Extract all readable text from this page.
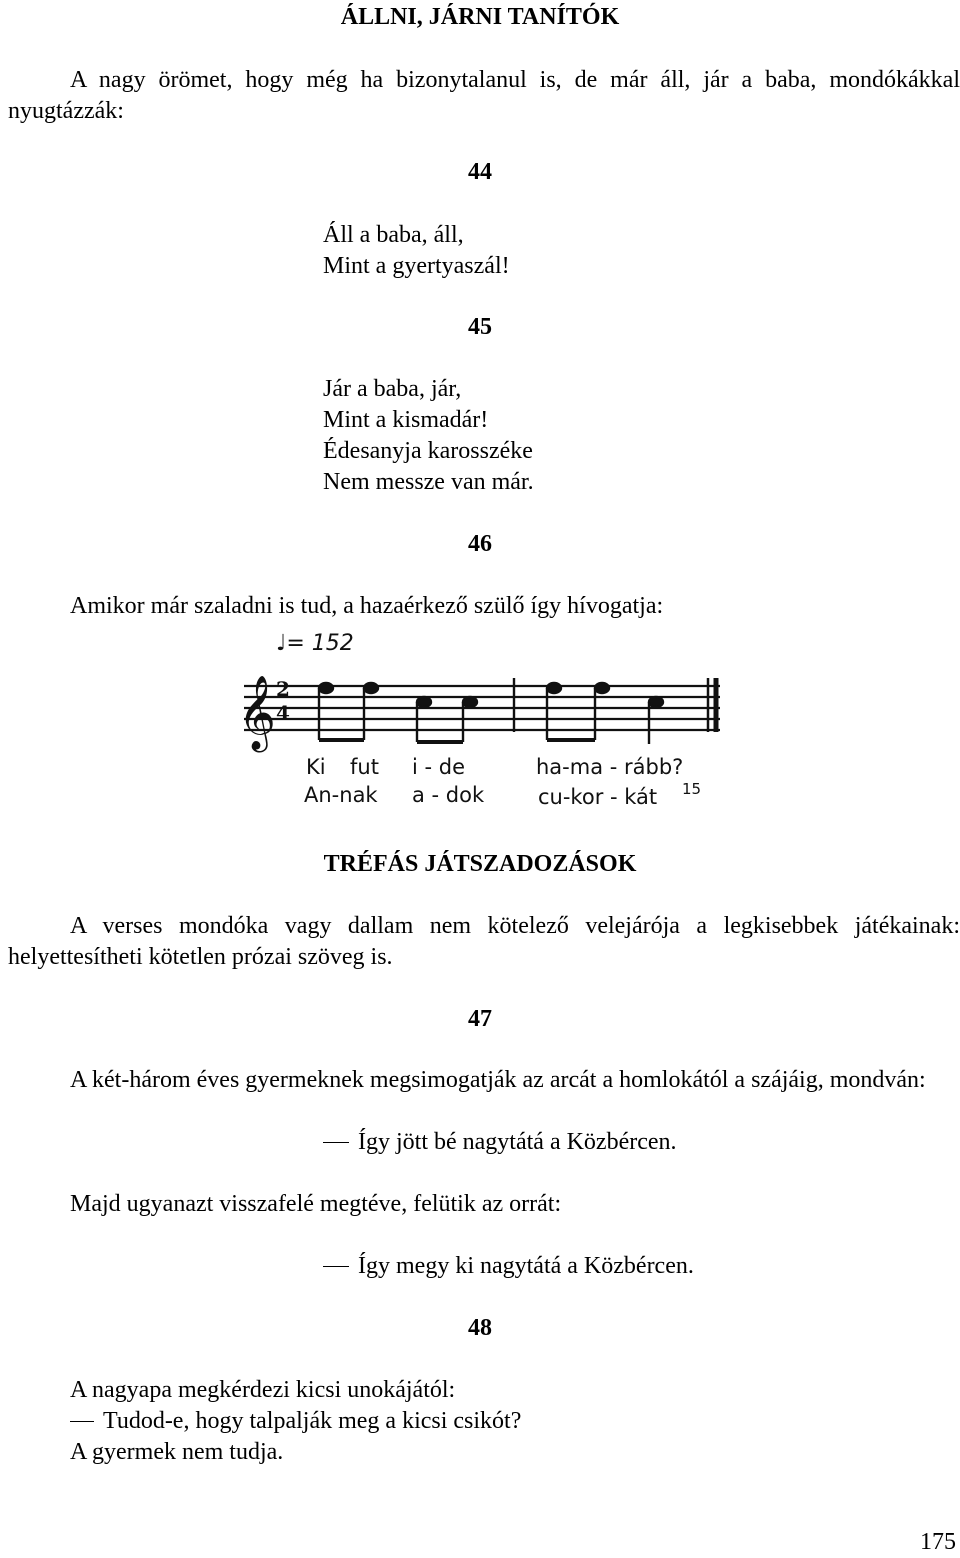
ÁLLNI, JÁRNI TANÍTÓK
A nagy örömet, hogy még ha bizonytalanul is, de már áll, jár a baba, mondókákkal nyugtázzák:
44
Áll a baba, áll,
Mint a gyertyaszál!
45
Jár a baba, jár,
Mint a kismadár!
Édesanyja karosszéke
Nem messze van már.
46
Amikor már szaladni is tud, a hazaérkező szülő így hívogatja:
♩= 152
𝄞 2
4
Ki fut i - de	ha-ma - rább?
An-nak a - dok	cu-kor - kát 15
TRÉFÁS JÁTSZADOZÁSOK
A verses mondóka vagy dallam nem kötelező velejárója a legkisebbek játékainak: helyettesítheti kötetlen prózai szöveg is.
47
A két-három éves gyermeknek megsimogatják az arcát a homlokától a szájáig, mondván:
Így jött bé nagytátá a Közbércen.
Majd ugyanazt visszafelé megtéve, felütik az orrát:
Így megy ki nagytátá a Közbércen.
48
A nagyapa megkérdezi kicsi unokájától:
Tudod-e, hogy talpalják meg a kicsi csikót?
A gyermek nem tudja.
175
